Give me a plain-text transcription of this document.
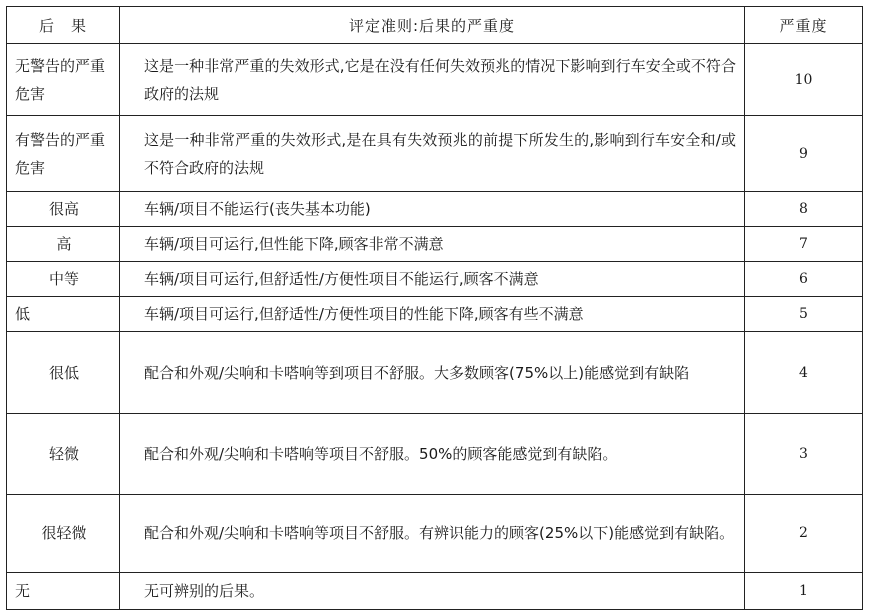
后　果	评定准则:后果的严重度	严重度
无警告的严重危害	这是一种非常严重的失效形式,它是在没有任何失效预兆的情况下影响到行车安全或不符合政府的法规	10
有警告的严重危害	这是一种非常严重的失效形式,是在具有失效预兆的前提下所发生的,影响到行车安全和/或不符合政府的法规	9
很高	车辆/项目不能运行(丧失基本功能)	8
高	车辆/项目可运行,但性能下降,顾客非常不满意	7
中等	车辆/项目可运行,但舒适性/方便性项目不能运行,顾客不满意	6
低	车辆/项目可运行,但舒适性/方便性项目的性能下降,顾客有些不满意	5
很低	配合和外观/尖响和卡嗒响等到项目不舒服。大多数顾客(75%以上)能感觉到有缺陷	4
轻微	配合和外观/尖响和卡嗒响等项目不舒服。50%的顾客能感觉到有缺陷。	3
很轻微	配合和外观/尖响和卡嗒响等项目不舒服。有辨识能力的顾客(25%以下)能感觉到有缺陷。	2
无	无可辨别的后果。	1
